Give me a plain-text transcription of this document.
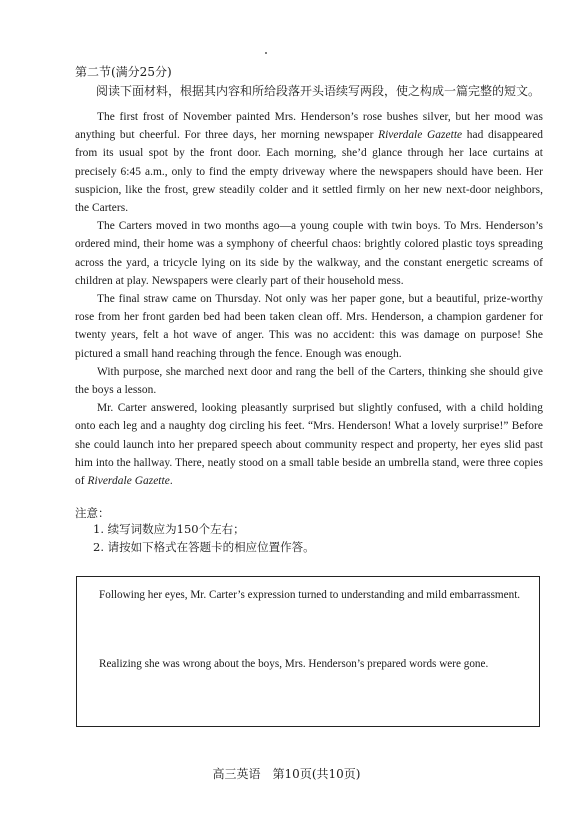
第二节(满分25分)
阅读下面材料，根据其内容和所给段落开头语续写两段，使之构成一篇完整的短文。

The first frost of November painted Mrs. Henderson’s rose bushes silver, but her mood was anything but cheerful. For three days, her morning newspaper Riverdale Gazette had disappeared from its usual spot by the front door. Each morning, she’d glance through her lace curtains at precisely 6:45 a.m., only to find the empty driveway where the newspapers should have been. Her suspicion, like the frost, grew steadily colder and it settled firmly on her new next-door neighbors, the Carters.

The Carters moved in two months ago—a young couple with twin boys. To Mrs. Henderson’s ordered mind, their home was a symphony of cheerful chaos: brightly colored plastic toys spreading across the yard, a tricycle lying on its side by the walkway, and the constant energetic screams of children at play. Newspapers were clearly part of their household mess.

The final straw came on Thursday. Not only was her paper gone, but a beautiful, prize-worthy rose from her front garden bed had been taken clean off. Mrs. Henderson, a champion gardener for twenty years, felt a hot wave of anger. This was no accident: this was damage on purpose! She pictured a small hand reaching through the fence. Enough was enough.

With purpose, she marched next door and rang the bell of the Carters, thinking she should give the boys a lesson.

Mr. Carter answered, looking pleasantly surprised but slightly confused, with a child holding onto each leg and a naughty dog circling his feet. “Mrs. Henderson! What a lovely surprise!” Before she could launch into her prepared speech about community respect and property, her eyes slid past him into the hallway. There, neatly stood on a small table beside an umbrella stand, were three copies of Riverdale Gazette.

注意：

1. 续写词数应为150个左右；

2. 请按如下格式在答题卡的相应位置作答。

Following her eyes, Mr. Carter’s expression turned to understanding and mild embarrassment.
Realizing she was wrong about the boys, Mrs. Henderson’s prepared words were gone.
高三英语　第10页(共10页)
